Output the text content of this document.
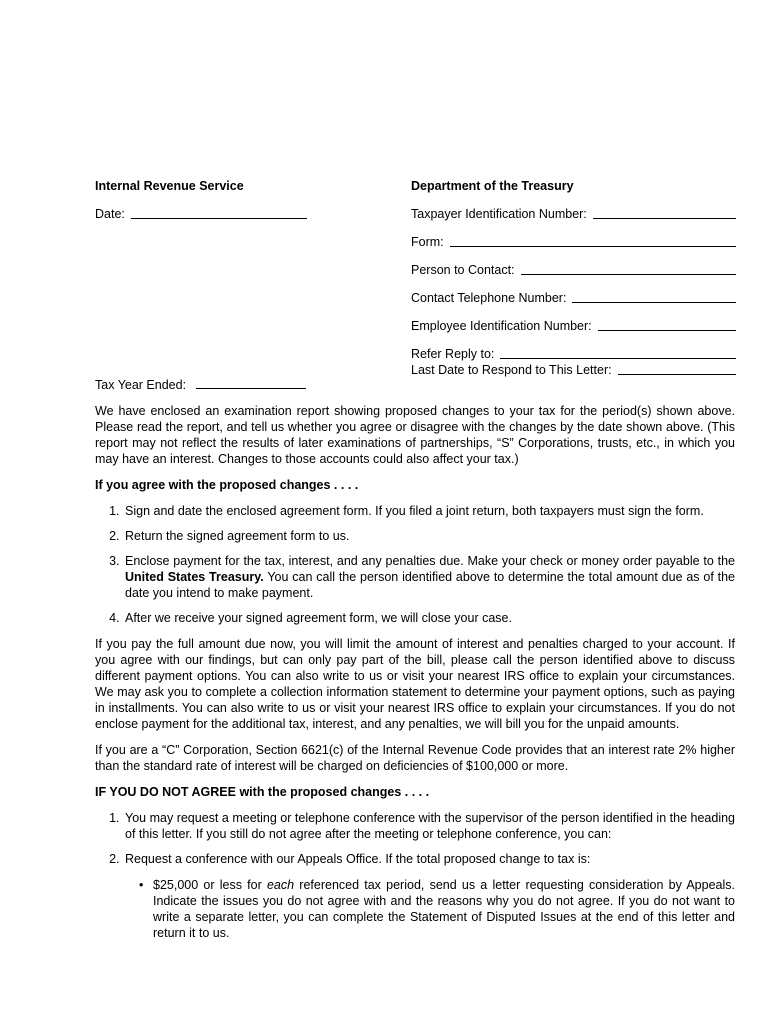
Internal Revenue Service
Date:
Department of the Treasury
Taxpayer Identification Number:
Form:
Person to Contact:
Contact Telephone Number:
Employee Identification Number:
Refer Reply to:
Last Date to Respond to This Letter:
Tax Year Ended:

We have enclosed an examination report showing proposed changes to your tax for the period(s) shown above. Please read the report, and tell us whether you agree or disagree with the changes by the date shown above. (This report may not reflect the results of later examinations of partnerships, “S” Corporations, trusts, etc., in which you may have an interest. Changes to those accounts could also affect your tax.)

If you agree with the proposed changes . . . .
1. Sign and date the enclosed agreement form. If you filed a joint return, both taxpayers must sign the form.
2. Return the signed agreement form to us.
3. Enclose payment for the tax, interest, and any penalties due. Make your check or money order payable to the United States Treasury. You can call the person identified above to determine the total amount due as of the date you intend to make payment.
4. After we receive your signed agreement form, we will close your case.

If you pay the full amount due now, you will limit the amount of interest and penalties charged to your account. If you agree with our findings, but can only pay part of the bill, please call the person identified above to discuss different payment options. You can also write to us or visit your nearest IRS office to explain your circumstances. We may ask you to complete a collection information statement to determine your payment options, such as paying in installments. You can also write to us or visit your nearest IRS office to explain your circumstances. If you do not enclose payment for the additional tax, interest, and any penalties, we will bill you for the unpaid amounts.

If you are a “C” Corporation, Section 6621(c) of the Internal Revenue Code provides that an interest rate 2% higher than the standard rate of interest will be charged on deficiencies of $100,000 or more.

IF YOU DO NOT AGREE with the proposed changes . . . .
1. You may request a meeting or telephone conference with the supervisor of the person identified in the heading of this letter. If you still do not agree after the meeting or telephone conference, you can:
2. Request a conference with our Appeals Office. If the total proposed change to tax is:
• $25,000 or less for each referenced tax period, send us a letter requesting consideration by Appeals. Indicate the issues you do not agree with and the reasons why you do not agree. If you do not want to write a separate letter, you can complete the Statement of Disputed Issues at the end of this letter and return it to us.
